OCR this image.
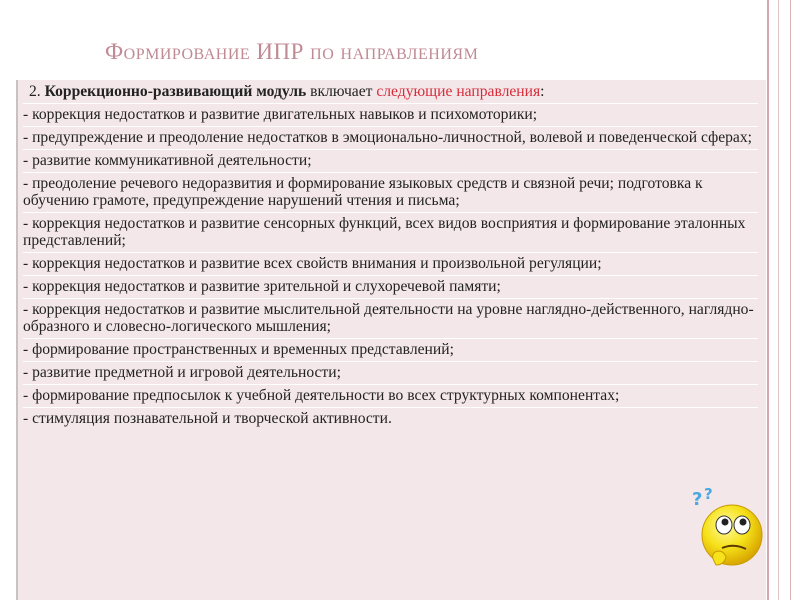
Формирование ИПР по направлениям

2. Коррекционно-развивающий модуль включает следующие направления:

- коррекция недостатков и развитие двигательных навыков и психомоторики;

- предупреждение и преодоление недостатков в эмоционально-личностной, волевой и поведенческой сферах;

- развитие коммуникативной деятельности;

- преодоление речевого недоразвития и формирование языковых средств и связной речи; подготовка к обучению грамоте, предупреждение нарушений чтения и письма;

- коррекция недостатков и развитие сенсорных функций, всех видов восприятия и формирование эталонных представлений;

- коррекция недостатков и развитие всех свойств внимания и произвольной регуляции;

- коррекция недостатков и развитие зрительной и слухоречевой памяти;

- коррекция недостатков и развитие мыслительной деятельности на уровне наглядно-действенного, наглядно-образного и словесно-логического мышления;

- формирование пространственных и временных представлений;

- развитие предметной и игровой деятельности;

- формирование предпосылок к учебной деятельности во всех структурных компонентах;

- стимуляция познавательной и творческой активности.

? ?
